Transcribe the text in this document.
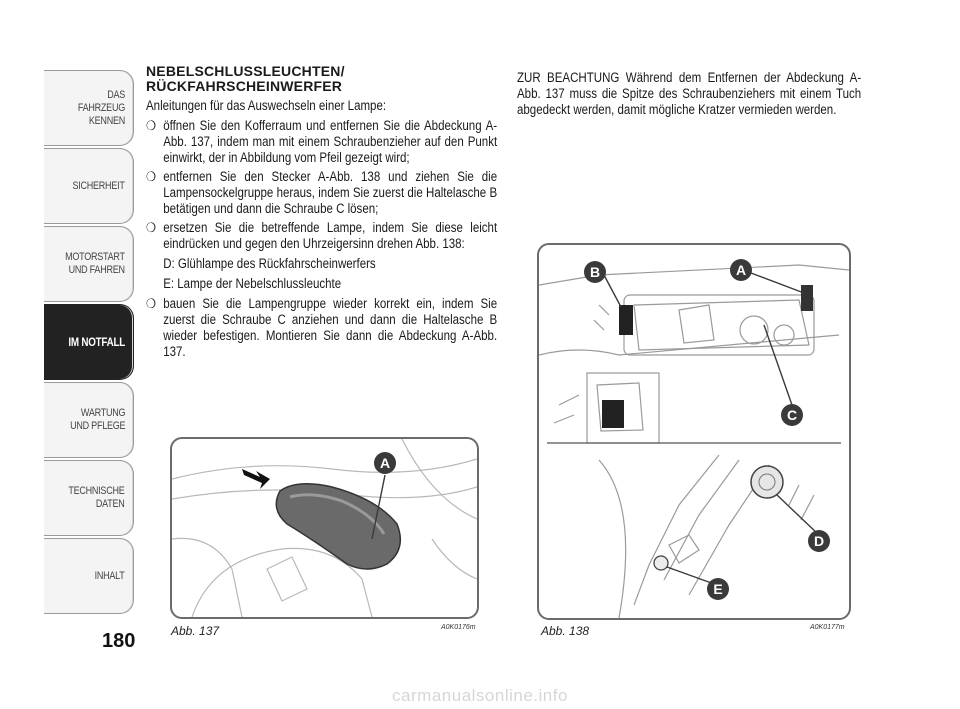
DAS FAHRZEUG
KENNEN
SICHERHEIT
MOTORSTART
UND FAHREN
IM NOTFALL
WARTUNG
UND PFLEGE
TECHNISCHE
DATEN
INHALT
180
NEBELSCHLUSSLEUCHTEN/
RÜCKFAHRSCHEINWERFER

Anleitungen für das Auswechseln einer Lampe:

❍ öffnen Sie den Kofferraum und entfernen Sie die Abdeckung A-Abb. 137, indem man mit einem Schraubenzieher auf den Punkt einwirkt, der in Abbildung vom Pfeil gezeigt wird;
❍ entfernen Sie den Stecker A-Abb. 138 und ziehen Sie die Lampensockelgruppe heraus, indem Sie zuerst die Haltelasche B betätigen und dann die Schraube C lösen;
❍ ersetzen Sie die betreffende Lampe, indem Sie diese leicht eindrücken und gegen den Uhrzeigersinn drehen Abb. 138:

D: Glühlampe des Rückfahrscheinwerfers

E: Lampe der Nebelschlussleuchte

❍ bauen Sie die Lampengruppe wieder korrekt ein, indem Sie zuerst die Schraube C anziehen und dann die Haltelasche B wieder befestigen. Montieren Sie dann die Abdeckung A-Abb. 137.
ZUR BEACHTUNG Während dem Entfernen der Abdeckung A-Abb. 137 muss die Spitze des Schraubenziehers mit einem Tuch abgedeckt werden, damit mögliche Kratzer vermieden werden.
A
Abb. 137	A0K0176m
B	A
C
D
E
Abb. 138	A0K0177m
carmanualsonline.info
